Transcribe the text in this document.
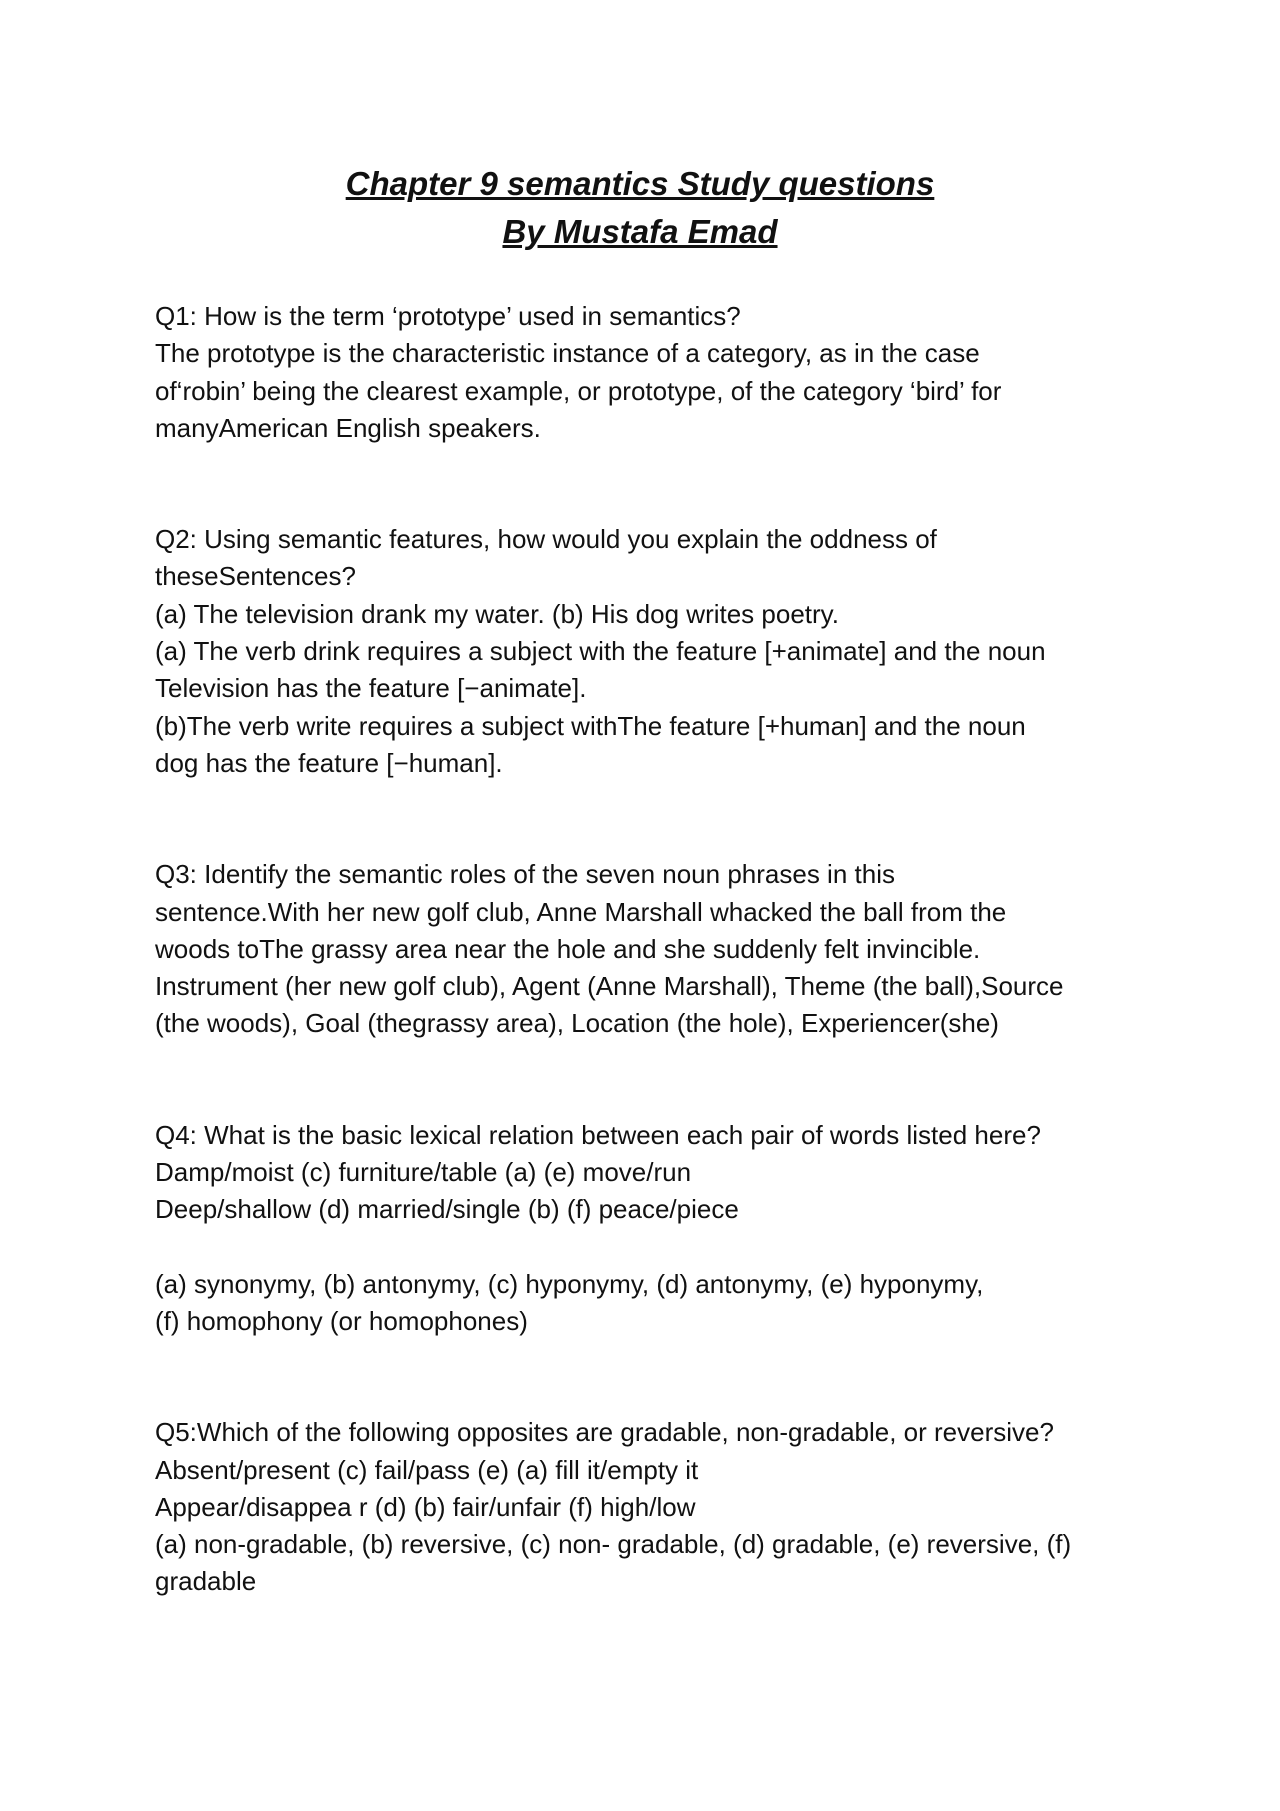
Chapter 9 semantics Study questions
By Mustafa Emad
Q1: How is the term ‘prototype’ used in semantics?
The prototype is the characteristic instance of a category, as in the case
of‘robin’ being the clearest example, or prototype, of the category ‘bird’ for
manyAmerican English speakers.
Q2: Using semantic features, how would you explain the oddness of
theseSentences?
(a) The television drank my water. (b) His dog writes poetry.
(a) The verb drink requires a subject with the feature [+animate] and the noun
Television has the feature [−animate].
(b)The verb write requires a subject withThe feature [+human] and the noun
dog has the feature [−human].
Q3: Identify the semantic roles of the seven noun phrases in this
sentence.With her new golf club, Anne Marshall whacked the ball from the
woods toThe grassy area near the hole and she suddenly felt invincible.
Instrument (her new golf club), Agent (Anne Marshall), Theme (the ball),Source
(the woods), Goal (thegrassy area), Location (the hole), Experiencer(she)
Q4: What is the basic lexical relation between each pair of words listed here?
Damp/moist (c) furniture/table (a) (e) move/run
Deep/shallow (d) married/single (b) (f) peace/piece
(a) synonymy, (b) antonymy, (c) hyponymy, (d) antonymy, (e) hyponymy,
(f) homophony (or homophones)
Q5:Which of the following opposites are gradable, non-gradable, or reversive?
Absent/present (c) fail/pass (e) (a) fill it/empty it
Appear/disappea r (d) (b) fair/unfair (f) high/low
(a) non-gradable, (b) reversive, (c) non- gradable, (d) gradable, (e) reversive, (f)
gradable
